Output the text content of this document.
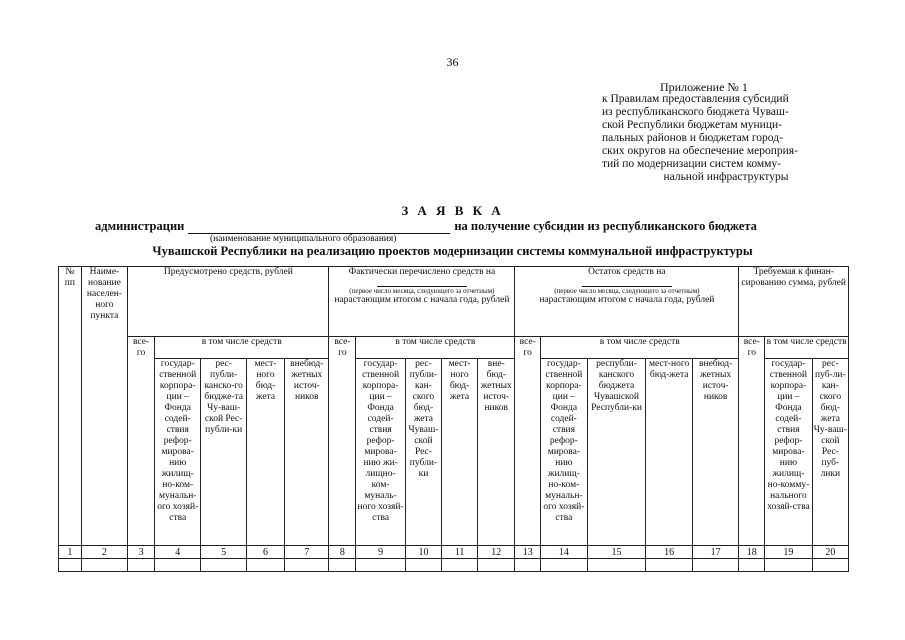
36
Приложение № 1
к Правилам предоставления субсидий
из республиканского бюджета Чуваш-
ской Республики бюджетам муници-
пальных районов и бюджетам город-
ских округов на обеспечение мероприя-
тий по модернизации систем комму-
нальной инфраструктуры
З А Я В К А
администрации	на получение субсидии из республиканского бюджета
(наименование муниципального образования)
Чувашской Республики на реализацию проектов модернизации системы коммунальной инфраструктуры
№ пп	Наиме-нование населен-ного пункта	Предусмотрено средств, рублей					Фактически перечислено средств на
(первое число месяца, следующего за отчетным)
нарастающим итогом с начала года, рублей					Остаток средств на
(первое число месяца, следующего за отчетным)
нарастающим итогом с начала года, рублей					Требуемая к финан-сированию сумма, рублей		
		все-го	в том числе средств				все-го	в том числе средств				все-го	в том числе средств				все-го	в том числе средств	
			государ-ственной корпора-ции – Фонда содей-ствия рефор-мирова-нию жилищ-но-ком-мунальн-ого хозяй-ства	рес-публи-канско-го бюдже-та Чу-ваш-ской Рес-публи-ки	мест-ного бюд-жета	внебюд-жетных источ-ников		государ-ственной корпора-ции – Фонда содей-ствия рефор-мирова-нию жи-лищно-ком-муналь-ного хозяй-ства	рес-публи-кан-ского бюд-жета Чуваш-ской Рес-публи-ки	мест-ного бюд-жета	вне-бюд-жетных источ-ников		государ-ственной корпора-ции – Фонда содей-ствия рефор-мирова-нию жилищ-но-ком-мунальн-ого хозяй-ства	республи-канского бюджета Чувашской Республи-ки	мест-ного бюд-жета	внебюд-жетных источ-ников		государ-ственной корпора-ции – Фонда содей-ствия рефор-мирова-нию жилищ-но-комму-нального хозяй-ства	рес-пуб-ли-кан-ского бюд-жета Чу-ваш-ской Рес-пуб-лики
1	2	3	4	5	6	7	8	9	10	11	12	13	14	15	16	17	18	19	20
